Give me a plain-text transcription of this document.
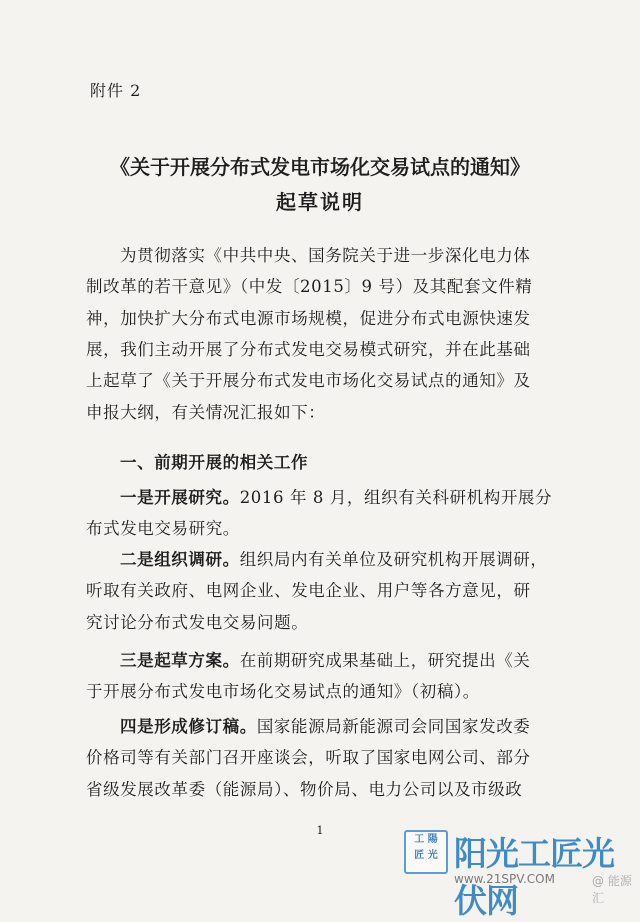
附件 2
《关于开展分布式发电市场化交易试点的通知》
起草说明
为贯彻落实《中共中央、国务院关于进一步深化电力体
制改革的若干意见》（中发〔2015〕9 号）及其配套文件精
神，加快扩大分布式电源市场规模，促进分布式电源快速发
展，我们主动开展了分布式发电交易模式研究，并在此基础
上起草了《关于开展分布式发电市场化交易试点的通知》及
申报大纲，有关情况汇报如下：
一、前期开展的相关工作
一是开展研究。2016 年 8 月，组织有关科研机构开展分
布式发电交易研究。
二是组织调研。组织局内有关单位及研究机构开展调研，
听取有关政府、电网企业、发电企业、用户等各方意见，研
究讨论分布式发电交易问题。
三是起草方案。在前期研究成果基础上，研究提出《关
于开展分布式发电市场化交易试点的通知》（初稿）。
四是形成修订稿。国家能源局新能源司会同国家发改委
价格司等有关部门召开座谈会，听取了国家电网公司、部分
省级发展改革委（能源局）、物价局、电力公司以及市级政
1
工 陽
匠 光 阳光工匠光伏网
www.21SPV.COM	@ 能源汇
